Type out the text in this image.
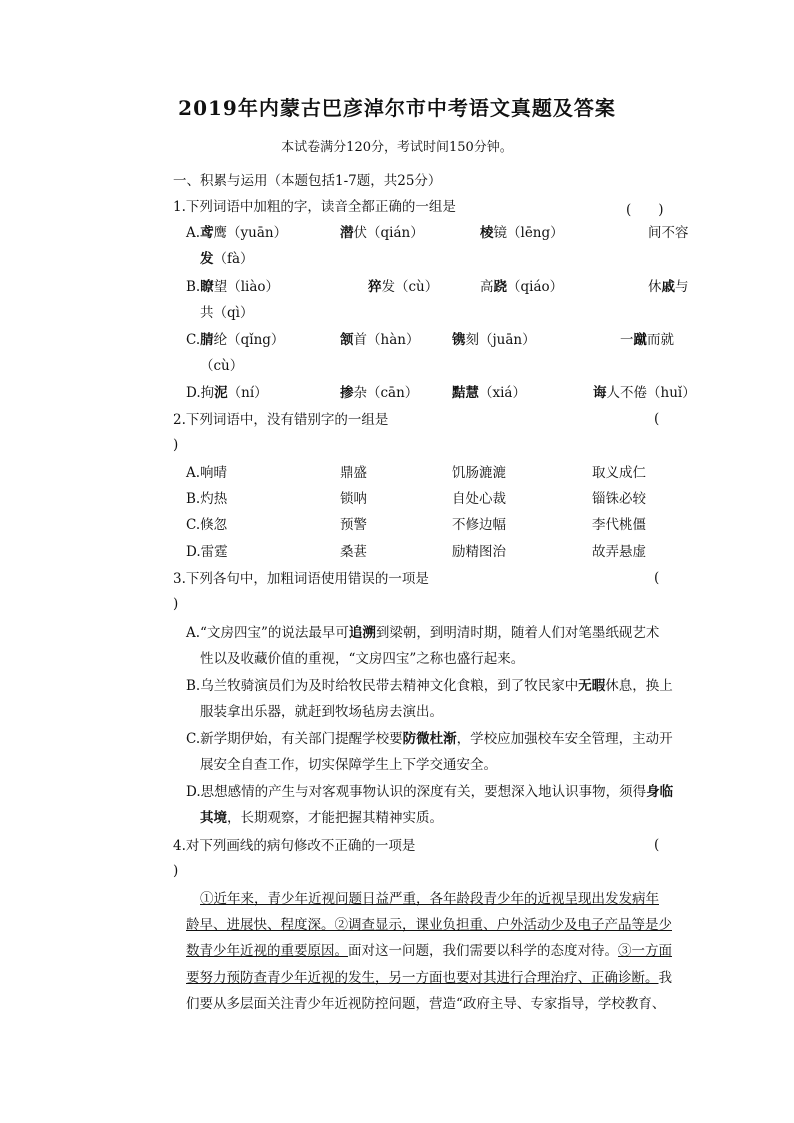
2019年内蒙古巴彦淖尔市中考语文真题及答案
本试卷满分120分，考试时间150分钟。
一、积累与运用（本题包括1-7题，共25分）
1.下列词语中加粗的字，读音全都正确的一组是	(　　)
A.鸢鹰（yuān）	潜伏（qián）	棱镜（lēng）	间不容
发（fà）
B.瞭望（liào）	猝发（cù）	高跷（qiáo）	休戚与
共（qì）
C.腈纶（qǐng）	颔首（hàn） 镌刻（juān）	一蹴而就
（cù）
D.拘泥（ní）	掺杂（cān） 黠慧（xiá）	诲人不倦（huǐ）
2.下列词语中，没有错别字的一组是	(
)
A.响晴	鼎盛	饥肠漉漉	取义成仁
B.灼热	锁呐	自处心裁	锱铢必较
C.倏忽	预警	不修边幅	李代桃僵
D.雷霆	桑葚	励精图治	故弄悬虚
3.下列各句中，加粗词语使用错误的一项是	(
)
A.“文房四宝”的说法最早可追溯到梁朝，到明清时期，随着人们对笔墨纸砚艺术
性以及收藏价值的重视，“文房四宝”之称也盛行起来。
B.乌兰牧骑演员们为及时给牧民带去精神文化食粮，到了牧民家中无暇休息，换上
服装拿出乐器，就赶到牧场毡房去演出。
C.新学期伊始，有关部门提醒学校要防微杜渐，学校应加强校车安全管理，主动开
展安全自查工作，切实保障学生上下学交通安全。
D.思想感情的产生与对客观事物认识的深度有关，要想深入地认识事物，须得身临
其境，长期观察，才能把握其精神实质。
4.对下列画线的病句修改不正确的一项是	(
)
①近年来，青少年近视问题日益严重，各年龄段青少年的近视呈现出发发病年
龄早、进展快、程度深。②调查显示，课业负担重、户外活动少及电子产品等是少
数青少年近视的重要原因。面对这一问题，我们需要以科学的态度对待。③一方面
要努力预防查青少年近视的发生，另一方面也要对其进行合理治疗、正确诊断。我
们要从多层面关注青少年近视防控问题，营造“政府主导、专家指导，学校教育、
